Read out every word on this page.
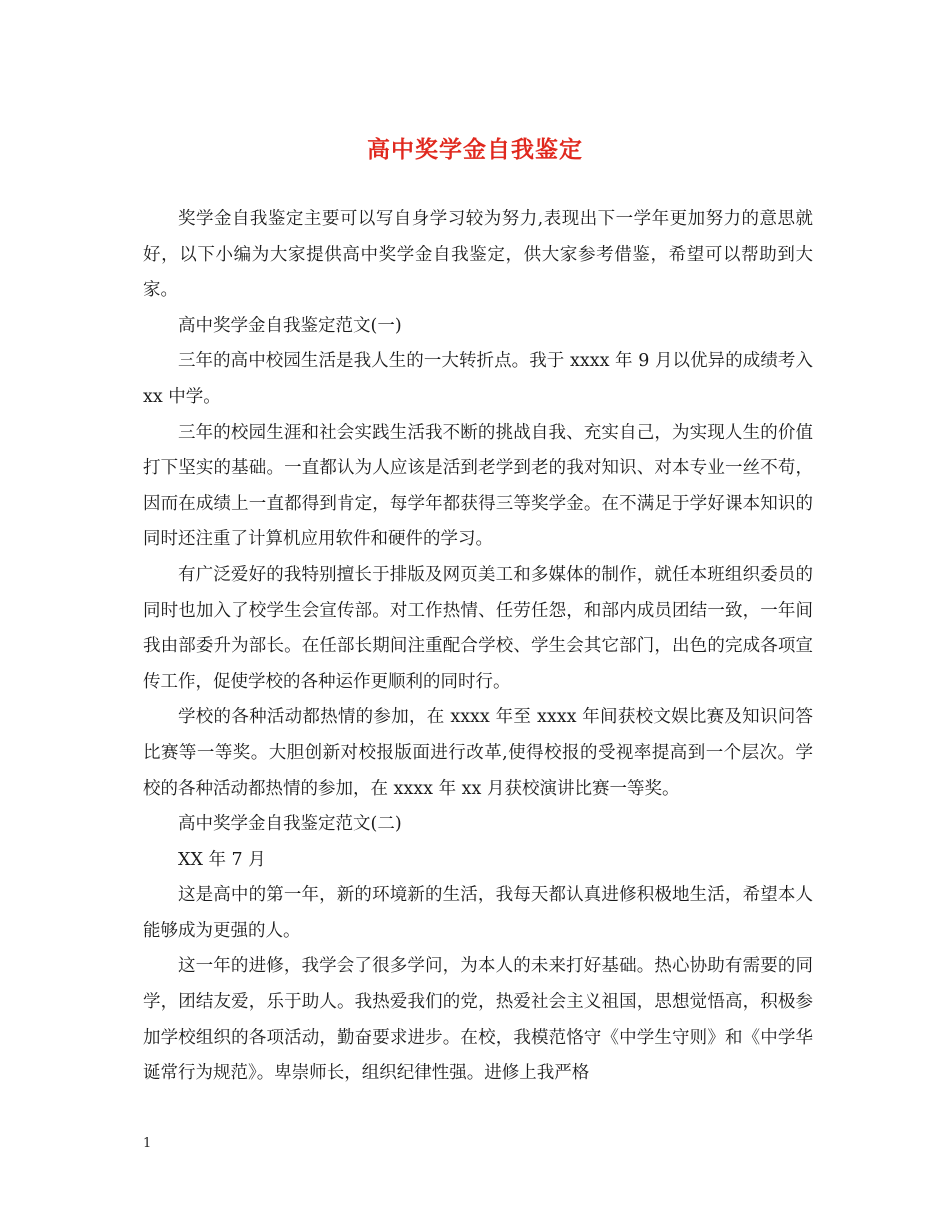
高中奖学金自我鉴定

奖学金自我鉴定主要可以写自身学习较为努力,表现出下一学年更加努力的意思就好，以下小编为大家提供高中奖学金自我鉴定，供大家参考借鉴，希望可以帮助到大家。

高中奖学金自我鉴定范文(一)

三年的高中校园生活是我人生的一大转折点。我于 xxxx 年 9 月以优异的成绩考入 xx 中学。

三年的校园生涯和社会实践生活我不断的挑战自我、充实自己，为实现人生的价值打下坚实的基础。一直都认为人应该是活到老学到老的我对知识、对本专业一丝不苟，因而在成绩上一直都得到肯定，每学年都获得三等奖学金。在不满足于学好课本知识的同时还注重了计算机应用软件和硬件的学习。

有广泛爱好的我特别擅长于排版及网页美工和多媒体的制作，就任本班组织委员的同时也加入了校学生会宣传部。对工作热情、任劳任怨，和部内成员团结一致，一年间我由部委升为部长。在任部长期间注重配合学校、学生会其它部门，出色的完成各项宣传工作，促使学校的各种运作更顺利的同时行。

学校的各种活动都热情的参加，在 xxxx 年至 xxxx 年间获校文娱比赛及知识问答比赛等一等奖。大胆创新对校报版面进行改革,使得校报的受视率提高到一个层次。学校的各种活动都热情的参加，在 xxxx 年 xx 月获校演讲比赛一等奖。

高中奖学金自我鉴定范文(二)

XX 年 7 月

这是高中的第一年，新的环境新的生活，我每天都认真进修积极地生活，希望本人能够成为更强的人。

这一年的进修，我学会了很多学问，为本人的未来打好基础。热心协助有需要的同学，团结友爱，乐于助人。我热爱我们的党，热爱社会主义祖国，思想觉悟高，积极参加学校组织的各项活动，勤奋要求进步。在校，我模范恪守《中学生守则》和《中学华诞常行为规范》。卑崇师长，组织纪律性强。进修上我严格

1
